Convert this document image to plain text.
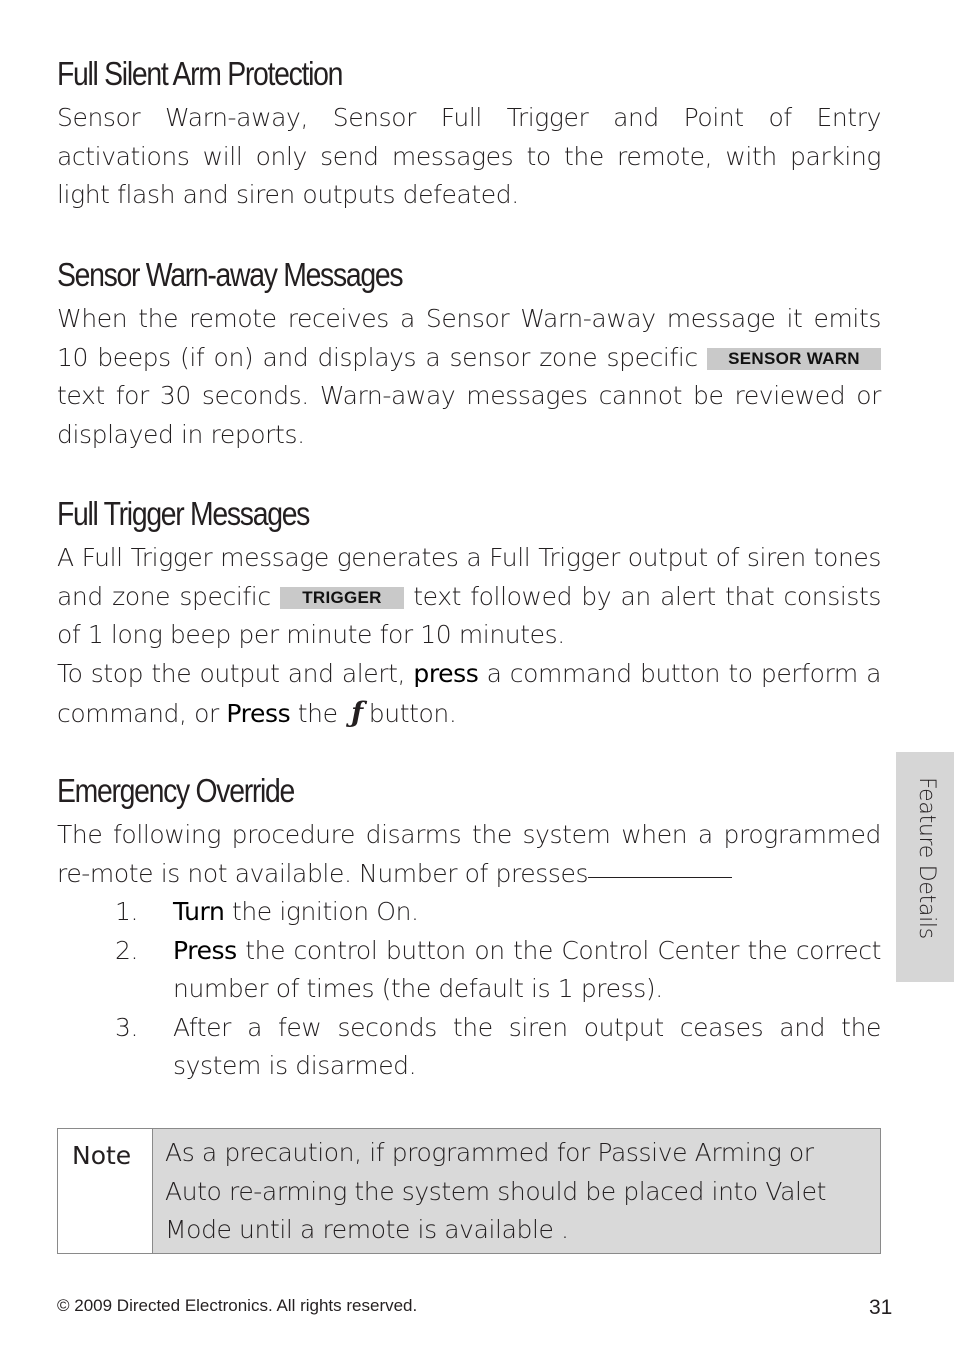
Full Silent Arm Protection

Sensor Warn-away, Sensor Full Trigger and Point of Entry activations will only send messages to the remote, with parking light flash and siren outputs defeated.

Sensor Warn-away Messages

When the remote receives a Sensor Warn-away message it emits 10 beeps (if on) and displays a sensor zone specific SENSOR WARN text for 30 seconds. Warn-away messages cannot be reviewed or displayed in reports.

Full Trigger Messages

A Full Trigger message generates a Full Trigger output of siren tones and zone specific TRIGGER text followed by an alert that consists of 1 long beep per minute for 10 minutes.

To stop the output and alert, press a command button to perform a command, or Press the ƒ button.

Emergency Override

The following procedure disarms the system when a programmed re-mote is not available. Number of presses

1. Turn the ignition On.
2. Press the control button on the Control Center the correct number of times (the default is 1 press).
3. After a few seconds the siren output ceases and the system is disarmed.
Note	As a precaution, if programmed for Passive Arming or Auto re-arming the system should be placed into Valet Mode until a remote is available .
Feature Details
© 2009 Directed Electronics. All rights reserved.	31
